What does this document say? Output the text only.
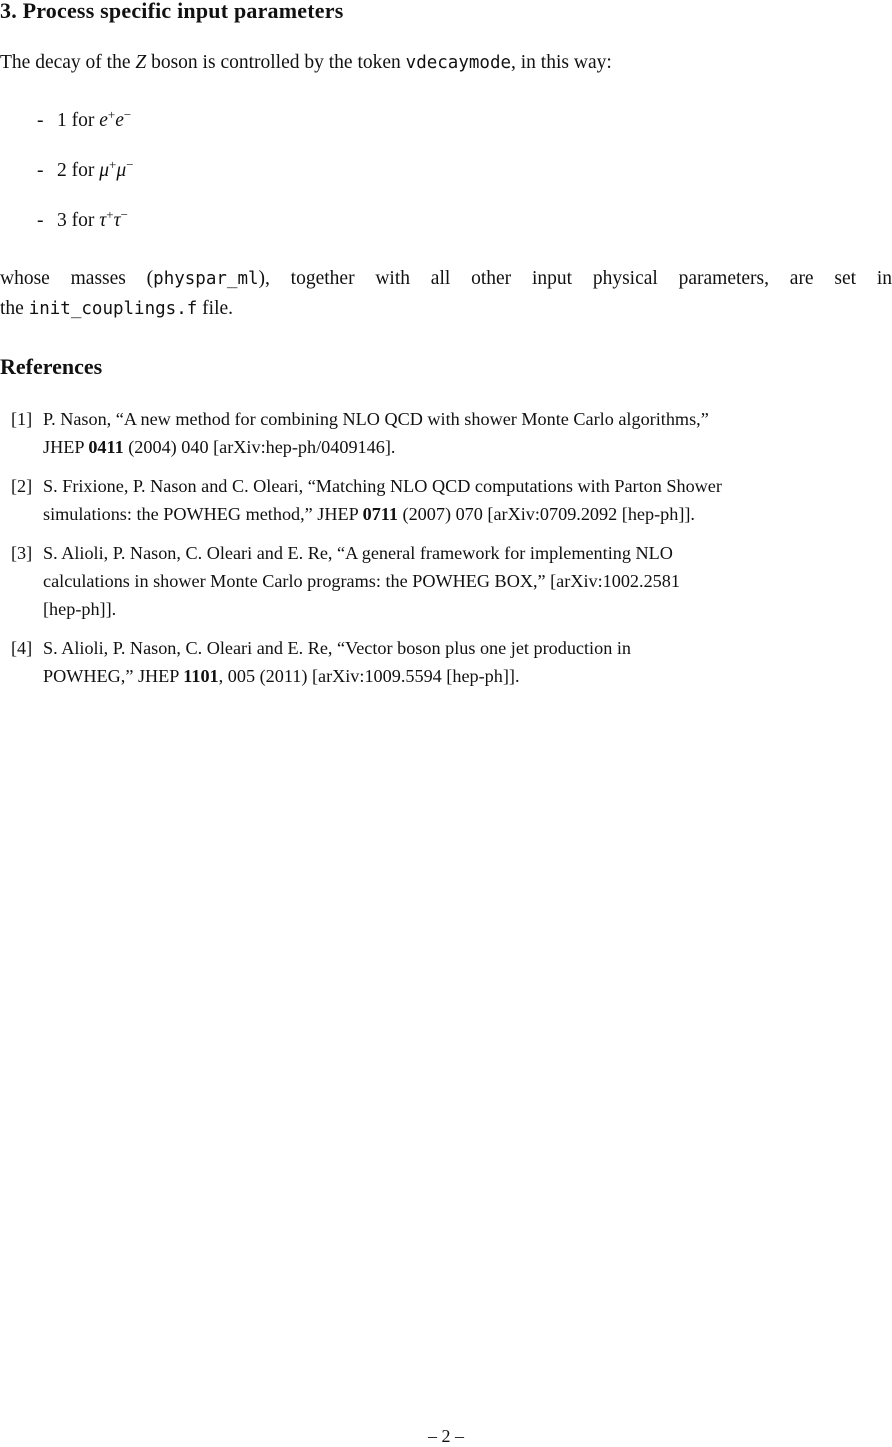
3. Process specific input parameters
The decay of the Z boson is controlled by the token vdecaymode, in this way:
- 1 for e+e−
- 2 for μ+μ−
- 3 for τ+τ−
whose masses (physpar_ml), together with all other input physical parameters, are set in
the init_couplings.f file.
References
[1] P. Nason, “A new method for combining NLO QCD with shower Monte Carlo algorithms,”
JHEP 0411 (2004) 040 [arXiv:hep-ph/0409146].
[2] S. Frixione, P. Nason and C. Oleari, “Matching NLO QCD computations with Parton Shower
simulations: the POWHEG method,” JHEP 0711 (2007) 070 [arXiv:0709.2092 [hep-ph]].
[3] S. Alioli, P. Nason, C. Oleari and E. Re, “A general framework for implementing NLO
calculations in shower Monte Carlo programs: the POWHEG BOX,” [arXiv:1002.2581
[hep-ph]].
[4] S. Alioli, P. Nason, C. Oleari and E. Re, “Vector boson plus one jet production in
POWHEG,” JHEP 1101, 005 (2011) [arXiv:1009.5594 [hep-ph]].
– 2 –
